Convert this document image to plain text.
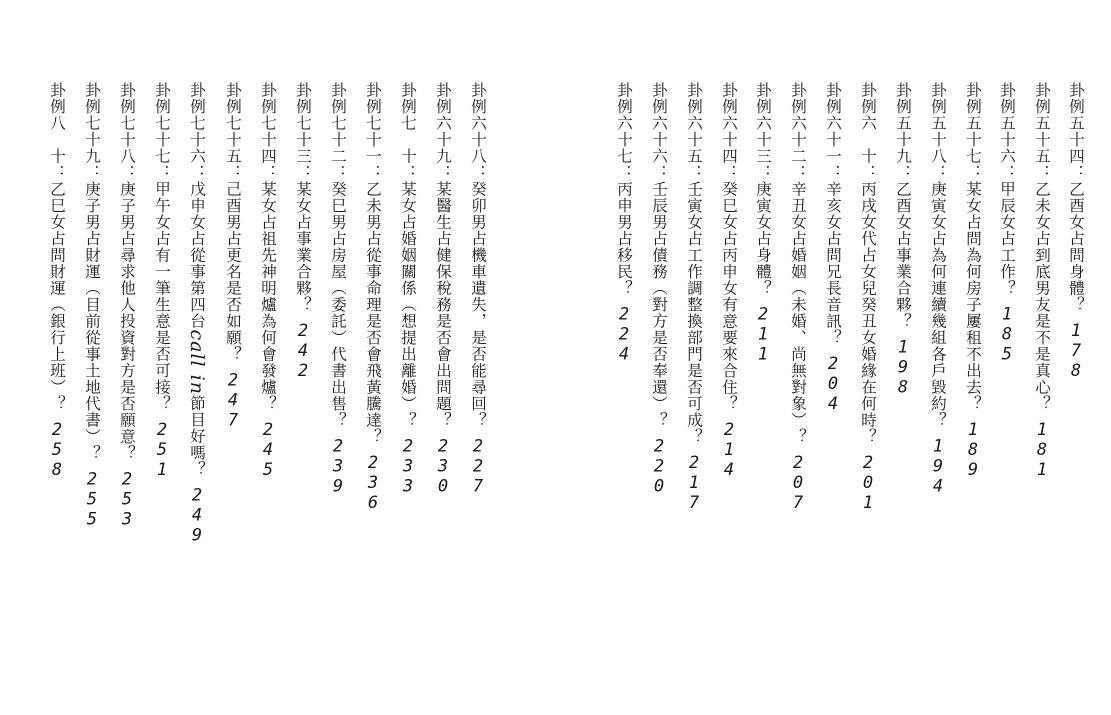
卦例五十四：乙酉女占問身體？178
卦例五十五：乙未女占到底男友是不是真心？181
卦例五十六：甲辰女占工作？185
卦例五十七：某女占問為何房子屢租不出去？189
卦例五十八：庚寅女占為何連續幾組各戶毀約？194
卦例五十九：乙酉女占事業合夥？198
卦例六　十：丙戌女代占女兒癸丑女婚緣在何時？201
卦例六十一：辛亥女占問兄長音訊？204
卦例六十二：辛丑女占婚姻（未婚、尚無對象）？207
卦例六十三：庚寅女占身體？211
卦例六十四：癸巳女占丙申女有意要來合住？214
卦例六十五：壬寅女占工作調整換部門是否可成？217
卦例六十六：壬辰男占債務（對方是否奉還）？220
卦例六十七：丙申男占移民？224
卦例六十八：癸卯男占機車遺失，是否能尋回？227
卦例六十九：某醫生占健保稅務是否會出問題？230
卦例七　十：某女占婚姻關係（想提出離婚）？233
卦例七十一：乙未男占從事命理是否會飛黃騰達？236
卦例七十二：癸巳男占房屋（委託）代書出售？239
卦例七十三：某女占事業合夥？242
卦例七十四：某女占祖先神明爐為何會發爐？245
卦例七十五：己酉男占更名是否如願？247
卦例七十六：戊申女占從事第四台call in節目好嗎？249
卦例七十七：甲午女占有一筆生意是否可接？251
卦例七十八：庚子男占尋求他人投資對方是否願意？253
卦例七十九：庚子男占財運（目前從事土地代書）？255
卦例八　十：乙巳女占問財運（銀行上班）？258
